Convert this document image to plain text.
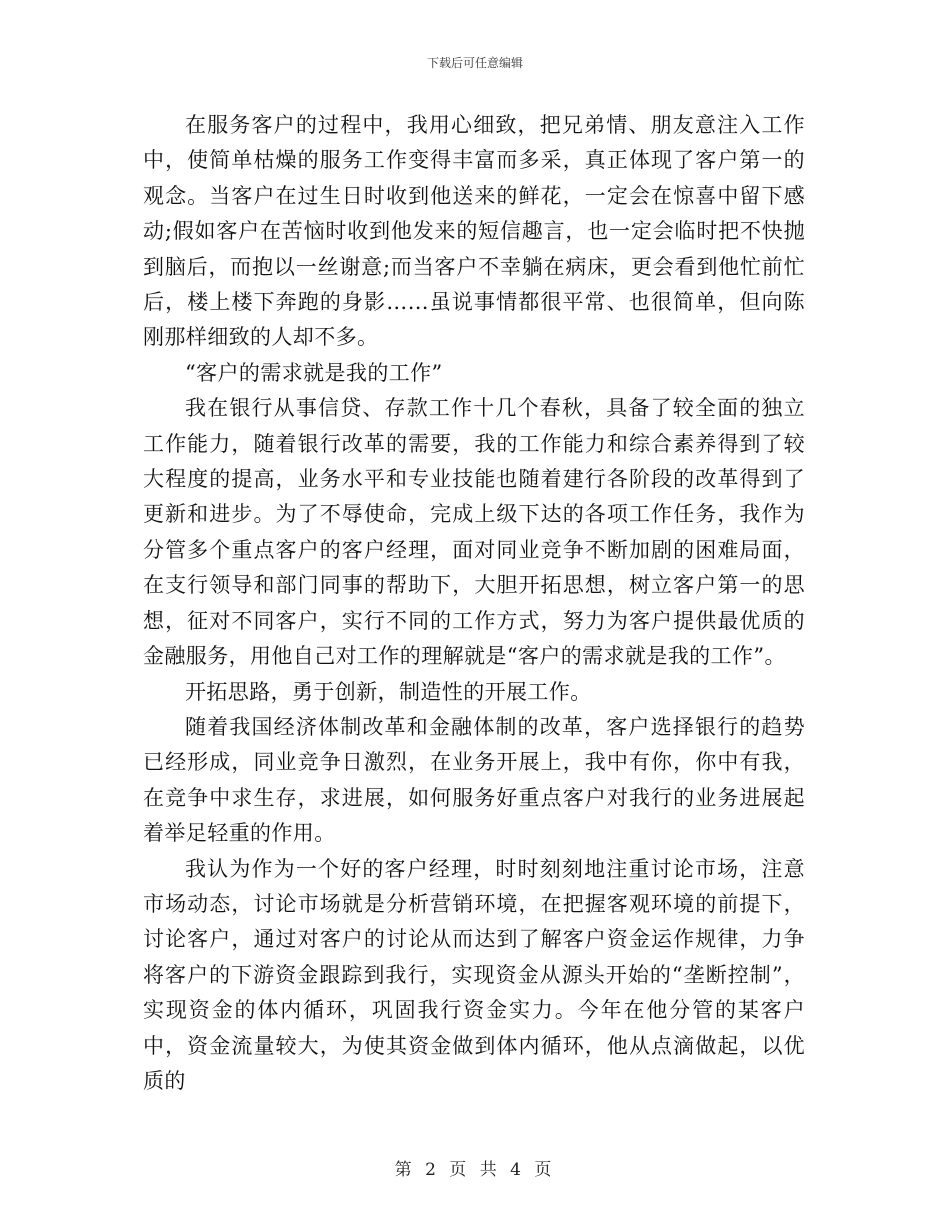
下载后可任意编辑

在服务客户的过程中，我用心细致，把兄弟情、朋友意注入工作中，使简单枯燥的服务工作变得丰富而多采，真正体现了客户第一的观念。当客户在过生日时收到他送来的鲜花，一定会在惊喜中留下感动;假如客户在苦恼时收到他发来的短信趣言，也一定会临时把不快抛到脑后，而抱以一丝谢意;而当客户不幸躺在病床，更会看到他忙前忙后，楼上楼下奔跑的身影……虽说事情都很平常、也很简单，但向陈刚那样细致的人却不多。

“客户的需求就是我的工作”

我在银行从事信贷、存款工作十几个春秋，具备了较全面的独立工作能力，随着银行改革的需要，我的工作能力和综合素养得到了较大程度的提高，业务水平和专业技能也随着建行各阶段的改革得到了更新和进步。为了不辱使命，完成上级下达的各项工作任务，我作为分管多个重点客户的客户经理，面对同业竞争不断加剧的困难局面，在支行领导和部门同事的帮助下，大胆开拓思想，树立客户第一的思想，征对不同客户，实行不同的工作方式，努力为客户提供最优质的金融服务，用他自己对工作的理解就是“客户的需求就是我的工作”。

开拓思路，勇于创新，制造性的开展工作。

随着我国经济体制改革和金融体制的改革，客户选择银行的趋势已经形成，同业竞争日激烈，在业务开展上，我中有你，你中有我，在竞争中求生存，求进展，如何服务好重点客户对我行的业务进展起着举足轻重的作用。

我认为作为一个好的客户经理，时时刻刻地注重讨论市场，注意市场动态，讨论市场就是分析营销环境，在把握客观环境的前提下，讨论客户，通过对客户的讨论从而达到了解客户资金运作规律，力争将客户的下游资金跟踪到我行，实现资金从源头开始的“垄断控制”，实现资金的体内循环，巩固我行资金实力。今年在他分管的某客户中，资金流量较大，为使其资金做到体内循环，他从点滴做起，以优质的

第 2 页 共 4 页
